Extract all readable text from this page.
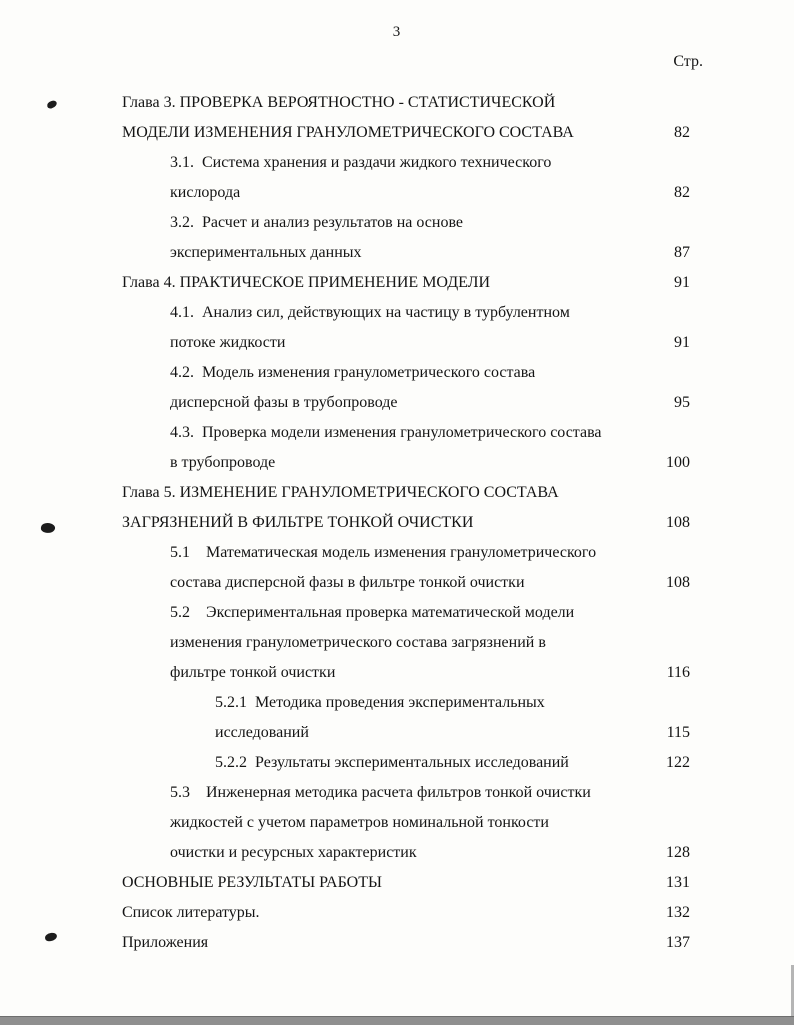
3
Стр.
Глава 3. ПРОВЕРКА ВЕРОЯТНОСТНО - СТАТИСТИЧЕСКОЙ
МОДЕЛИ ИЗМЕНЕНИЯ ГРАНУЛОМЕТРИЧЕСКОГО СОСТАВА	82
3.1.  Система хранения и раздачи жидкого технического
кислорода	82
3.2.  Расчет и анализ результатов на основе
экспериментальных данных	87
Глава 4. ПРАКТИЧЕСКОЕ ПРИМЕНЕНИЕ МОДЕЛИ	91
4.1.  Анализ сил, действующих на частицу в турбулентном
потоке жидкости	91
4.2.  Модель изменения гранулометрического состава
дисперсной фазы в трубопроводе	95
4.3.  Проверка модели изменения гранулометрического состава
в трубопроводе	100
Глава 5. ИЗМЕНЕНИЕ ГРАНУЛОМЕТРИЧЕСКОГО СОСТАВА
ЗАГРЯЗНЕНИЙ В ФИЛЬТРЕ ТОНКОЙ ОЧИСТКИ	108
5.1    Математическая модель изменения гранулометрического
состава дисперсной фазы в фильтре тонкой очистки	108
5.2    Экспериментальная проверка математической модели
изменения гранулометрического состава загрязнений в
фильтре тонкой очистки	116
5.2.1  Методика проведения экспериментальных
исследований	115
5.2.2  Результаты экспериментальных исследований	122
5.3    Инженерная методика расчета фильтров тонкой очистки
жидкостей с учетом параметров номинальной тонкости
очистки и ресурсных характеристик	128
ОСНОВНЫЕ РЕЗУЛЬТАТЫ РАБОТЫ	131
Список литературы.	132
Приложения	137
